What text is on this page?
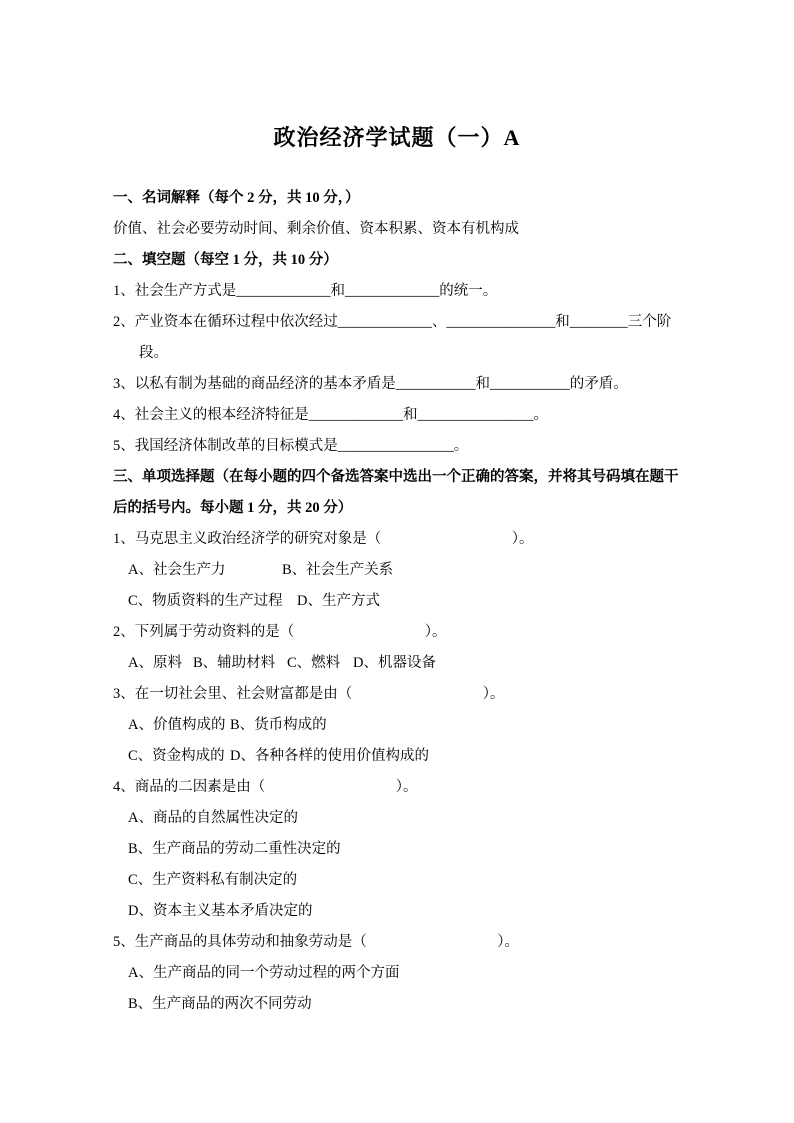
政治经济学试题（一）A
一、名词解释（每个 2 分，共 10 分，）
价值、社会必要劳动时间、剩余价值、资本积累、资本有机构成
二、填空题（每空 1 分，共 10 分）
1、社会生产方式是_____________和_____________的统一。
2、产业资本在循环过程中依次经过_____________、_______________和________三个阶
段。
3、以私有制为基础的商品经济的基本矛盾是___________和___________的矛盾。
4、社会主义的根本经济特征是_____________和________________。
5、我国经济体制改革的目标模式是________________。
三、单项选择题（在每小题的四个备选答案中选出一个正确的答案，并将其号码填在题干
后的括号内。每小题 1 分，共 20 分）
1、马克思主义政治经济学的研究对象是（　　　　　　　　　）。
A、社会生产力	B、社会生产关系
C、物质资料的生产过程 D、生产方式
2、下列属于劳动资料的是（　　　　　　　　　）。
A、原料 B、辅助材料 C、燃料 D、机器设备
3、在一切社会里、社会财富都是由（　　　　　　　　　）。
A、价值构成的 B、货币构成的
C、资金构成的 D、各种各样的使用价值构成的
4、商品的二因素是由（　　　　　　　　　）。
A、商品的自然属性决定的
B、生产商品的劳动二重性决定的
C、生产资料私有制决定的
D、资本主义基本矛盾决定的
5、生产商品的具体劳动和抽象劳动是（　　　　　　　　　）。
A、生产商品的同一个劳动过程的两个方面
B、生产商品的两次不同劳动
